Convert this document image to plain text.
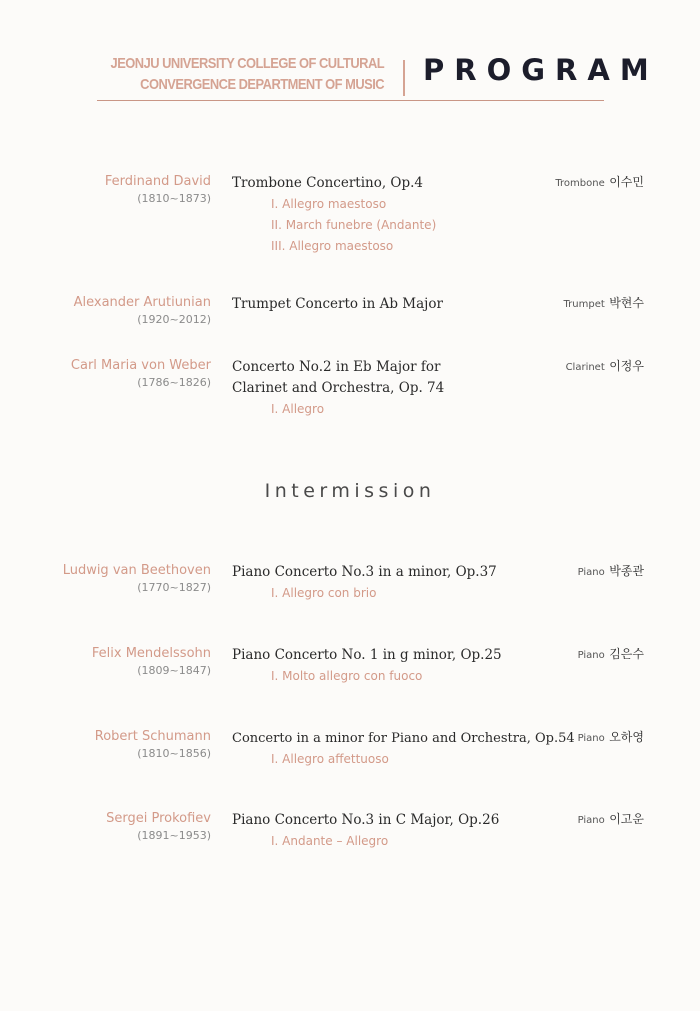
JEONJU UNIVERSITY COLLEGE OF CULTURAL
CONVERGENCE DEPARTMENT OF MUSIC PROGRAM
Ferdinand David
(1810~1873)
Trombone Concertino, Op.4
I. Allegro maestoso
II. March funebre (Andante)
III. Allegro maestoso
Trombone 이수민
Alexander Arutiunian
(1920~2012)
Trumpet Concerto in Ab Major	Trumpet 박현수
Carl Maria von Weber
(1786~1826)
Concerto No.2 in Eb Major for
Clarinet and Orchestra, Op. 74
I. Allegro
Clarinet 이정우
Intermission
Ludwig van Beethoven
(1770~1827)
Piano Concerto No.3 in a minor, Op.37
I. Allegro con brio
Piano 박종관
Felix Mendelssohn
(1809~1847)
Piano Concerto No. 1 in g minor, Op.25
I. Molto allegro con fuoco
Piano 김은수
Robert Schumann
(1810~1856)
Concerto in a minor for Piano and Orchestra, Op.54
I. Allegro affettuoso
Piano 오하영
Sergei Prokofiev
(1891~1953)
Piano Concerto No.3 in C Major, Op.26
I. Andante – Allegro
Piano 이고운
